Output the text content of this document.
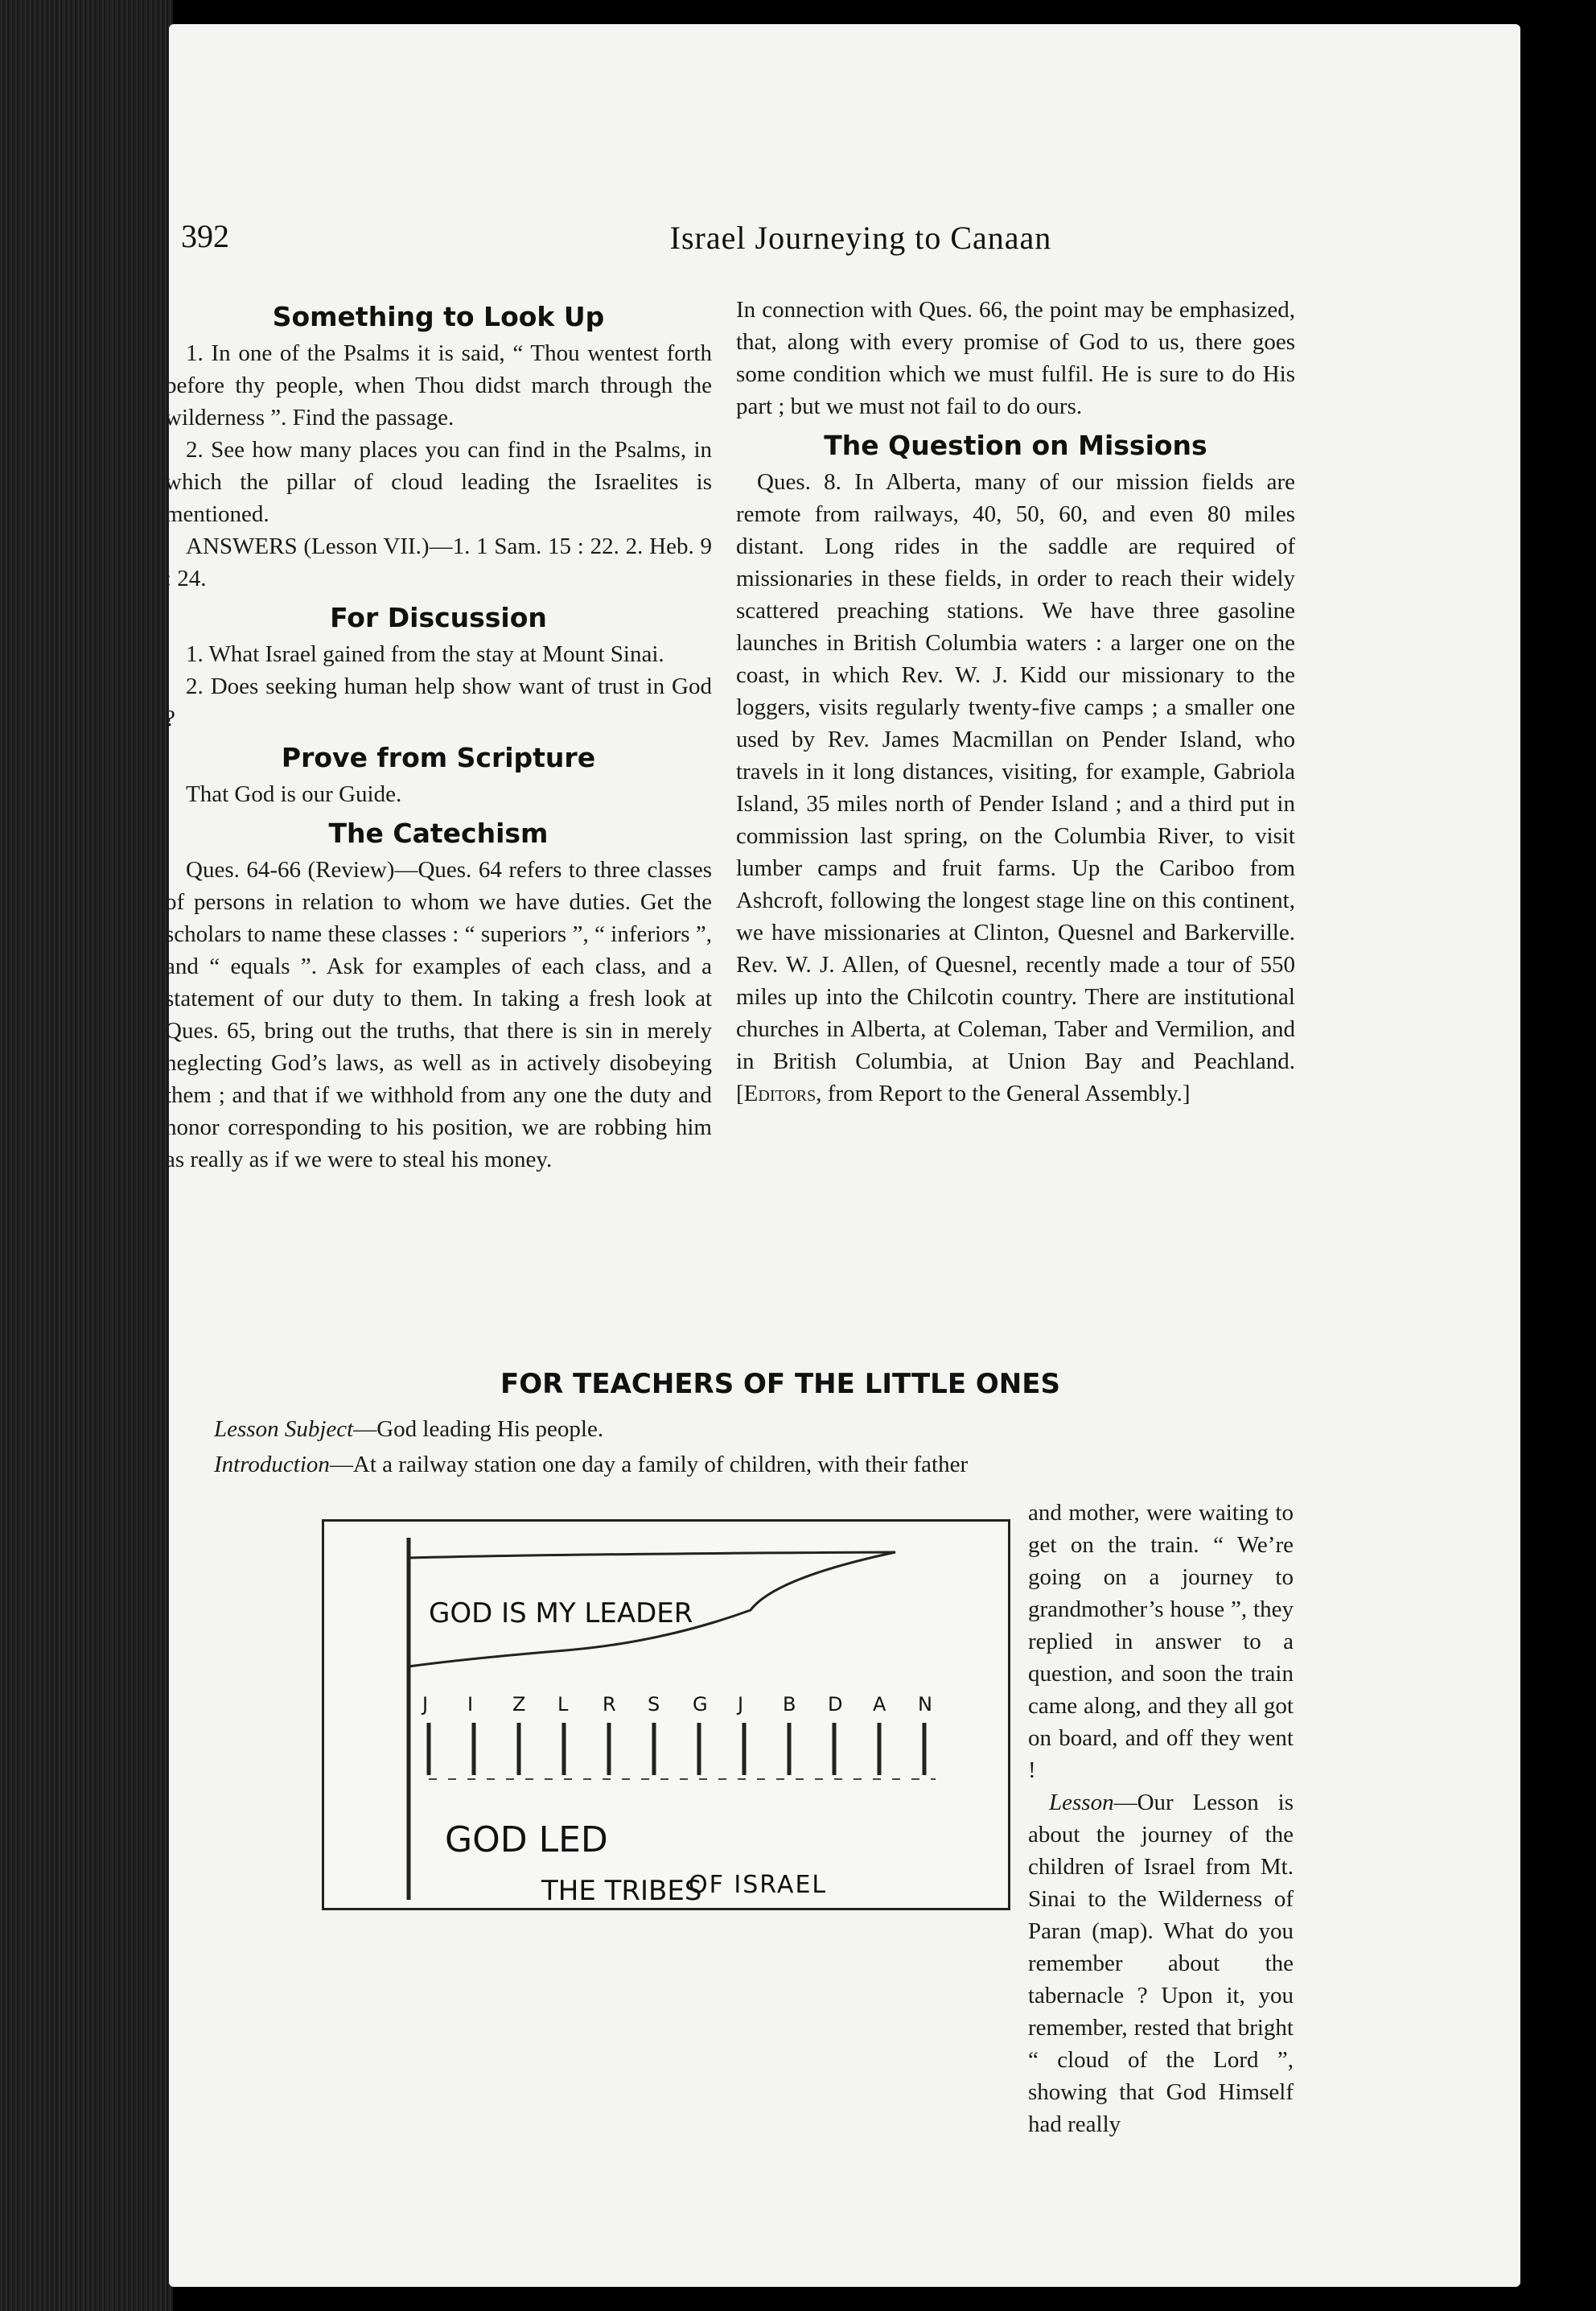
392	Israel Journeying to Canaan
Something to Look Up

1. In one of the Psalms it is said, “ Thou wentest forth before thy people, when Thou didst march through the wilderness ”. Find the passage.

2. See how many places you can find in the Psalms, in which the pillar of cloud leading the Israelites is mentioned.

ANSWERS (Lesson VII.)—1. 1 Sam. 15 : 22. 2. Heb. 9 : 24.

For Discussion

1. What Israel gained from the stay at Mount Sinai.

2. Does seeking human help show want of trust in God ?

Prove from Scripture

That God is our Guide.

The Catechism

Ques. 64-66 (Review)—Ques. 64 refers to three classes of persons in relation to whom we have duties. Get the scholars to name these classes : “ superiors ”, “ inferiors ”, and “ equals ”. Ask for examples of each class, and a statement of our duty to them. In taking a fresh look at Ques. 65, bring out the truths, that there is sin in merely neglecting God’s laws, as well as in actively disobeying them ; and that if we withhold from any one the duty and honor corresponding to his position, we are robbing him as really as if we were to steal his money.

In connection with Ques. 66, the point may be emphasized, that, along with every promise of God to us, there goes some condition which we must fulfil. He is sure to do His part ; but we must not fail to do ours.

The Question on Missions

Ques. 8. In Alberta, many of our mission fields are remote from railways, 40, 50, 60, and even 80 miles distant. Long rides in the saddle are required of missionaries in these fields, in order to reach their widely scattered preaching stations. We have three gasoline launches in British Columbia waters : a larger one on the coast, in which Rev. W. J. Kidd our missionary to the loggers, visits regularly twenty-five camps ; a smaller one used by Rev. James Macmillan on Pender Island, who travels in it long distances, visiting, for example, Gabriola Island, 35 miles north of Pender Island ; and a third put in commission last spring, on the Columbia River, to visit lumber camps and fruit farms. Up the Cariboo from Ashcroft, following the longest stage line on this continent, we have missionaries at Clinton, Quesnel and Barkerville. Rev. W. J. Allen, of Quesnel, recently made a tour of 550 miles up into the Chilcotin country. There are institutional churches in Alberta, at Coleman, Taber and Vermilion, and in British Columbia, at Union Bay and Peachland. [Editors, from Report to the General Assembly.]

FOR TEACHERS OF THE LITTLE ONES
Lesson Subject—God leading His people.
Introduction—At a railway station one day a family of children, with their father
GOD IS MY LEADER
J I Z L R S G J B D A N
GOD LED
THE TRIBES
OF ISRAEL

and mother, were waiting to get on the train. “ We’re going on a journey to grandmother’s house ”, they replied in answer to a question, and soon the train came along, and they all got on board, and off they went !

Lesson—Our Lesson is about the journey of the children of Israel from Mt. Sinai to the Wilderness of Paran (map). What do you remember about the tabernacle ? Upon it, you remember, rested that bright “ cloud of the Lord ”, showing that God Himself had really
